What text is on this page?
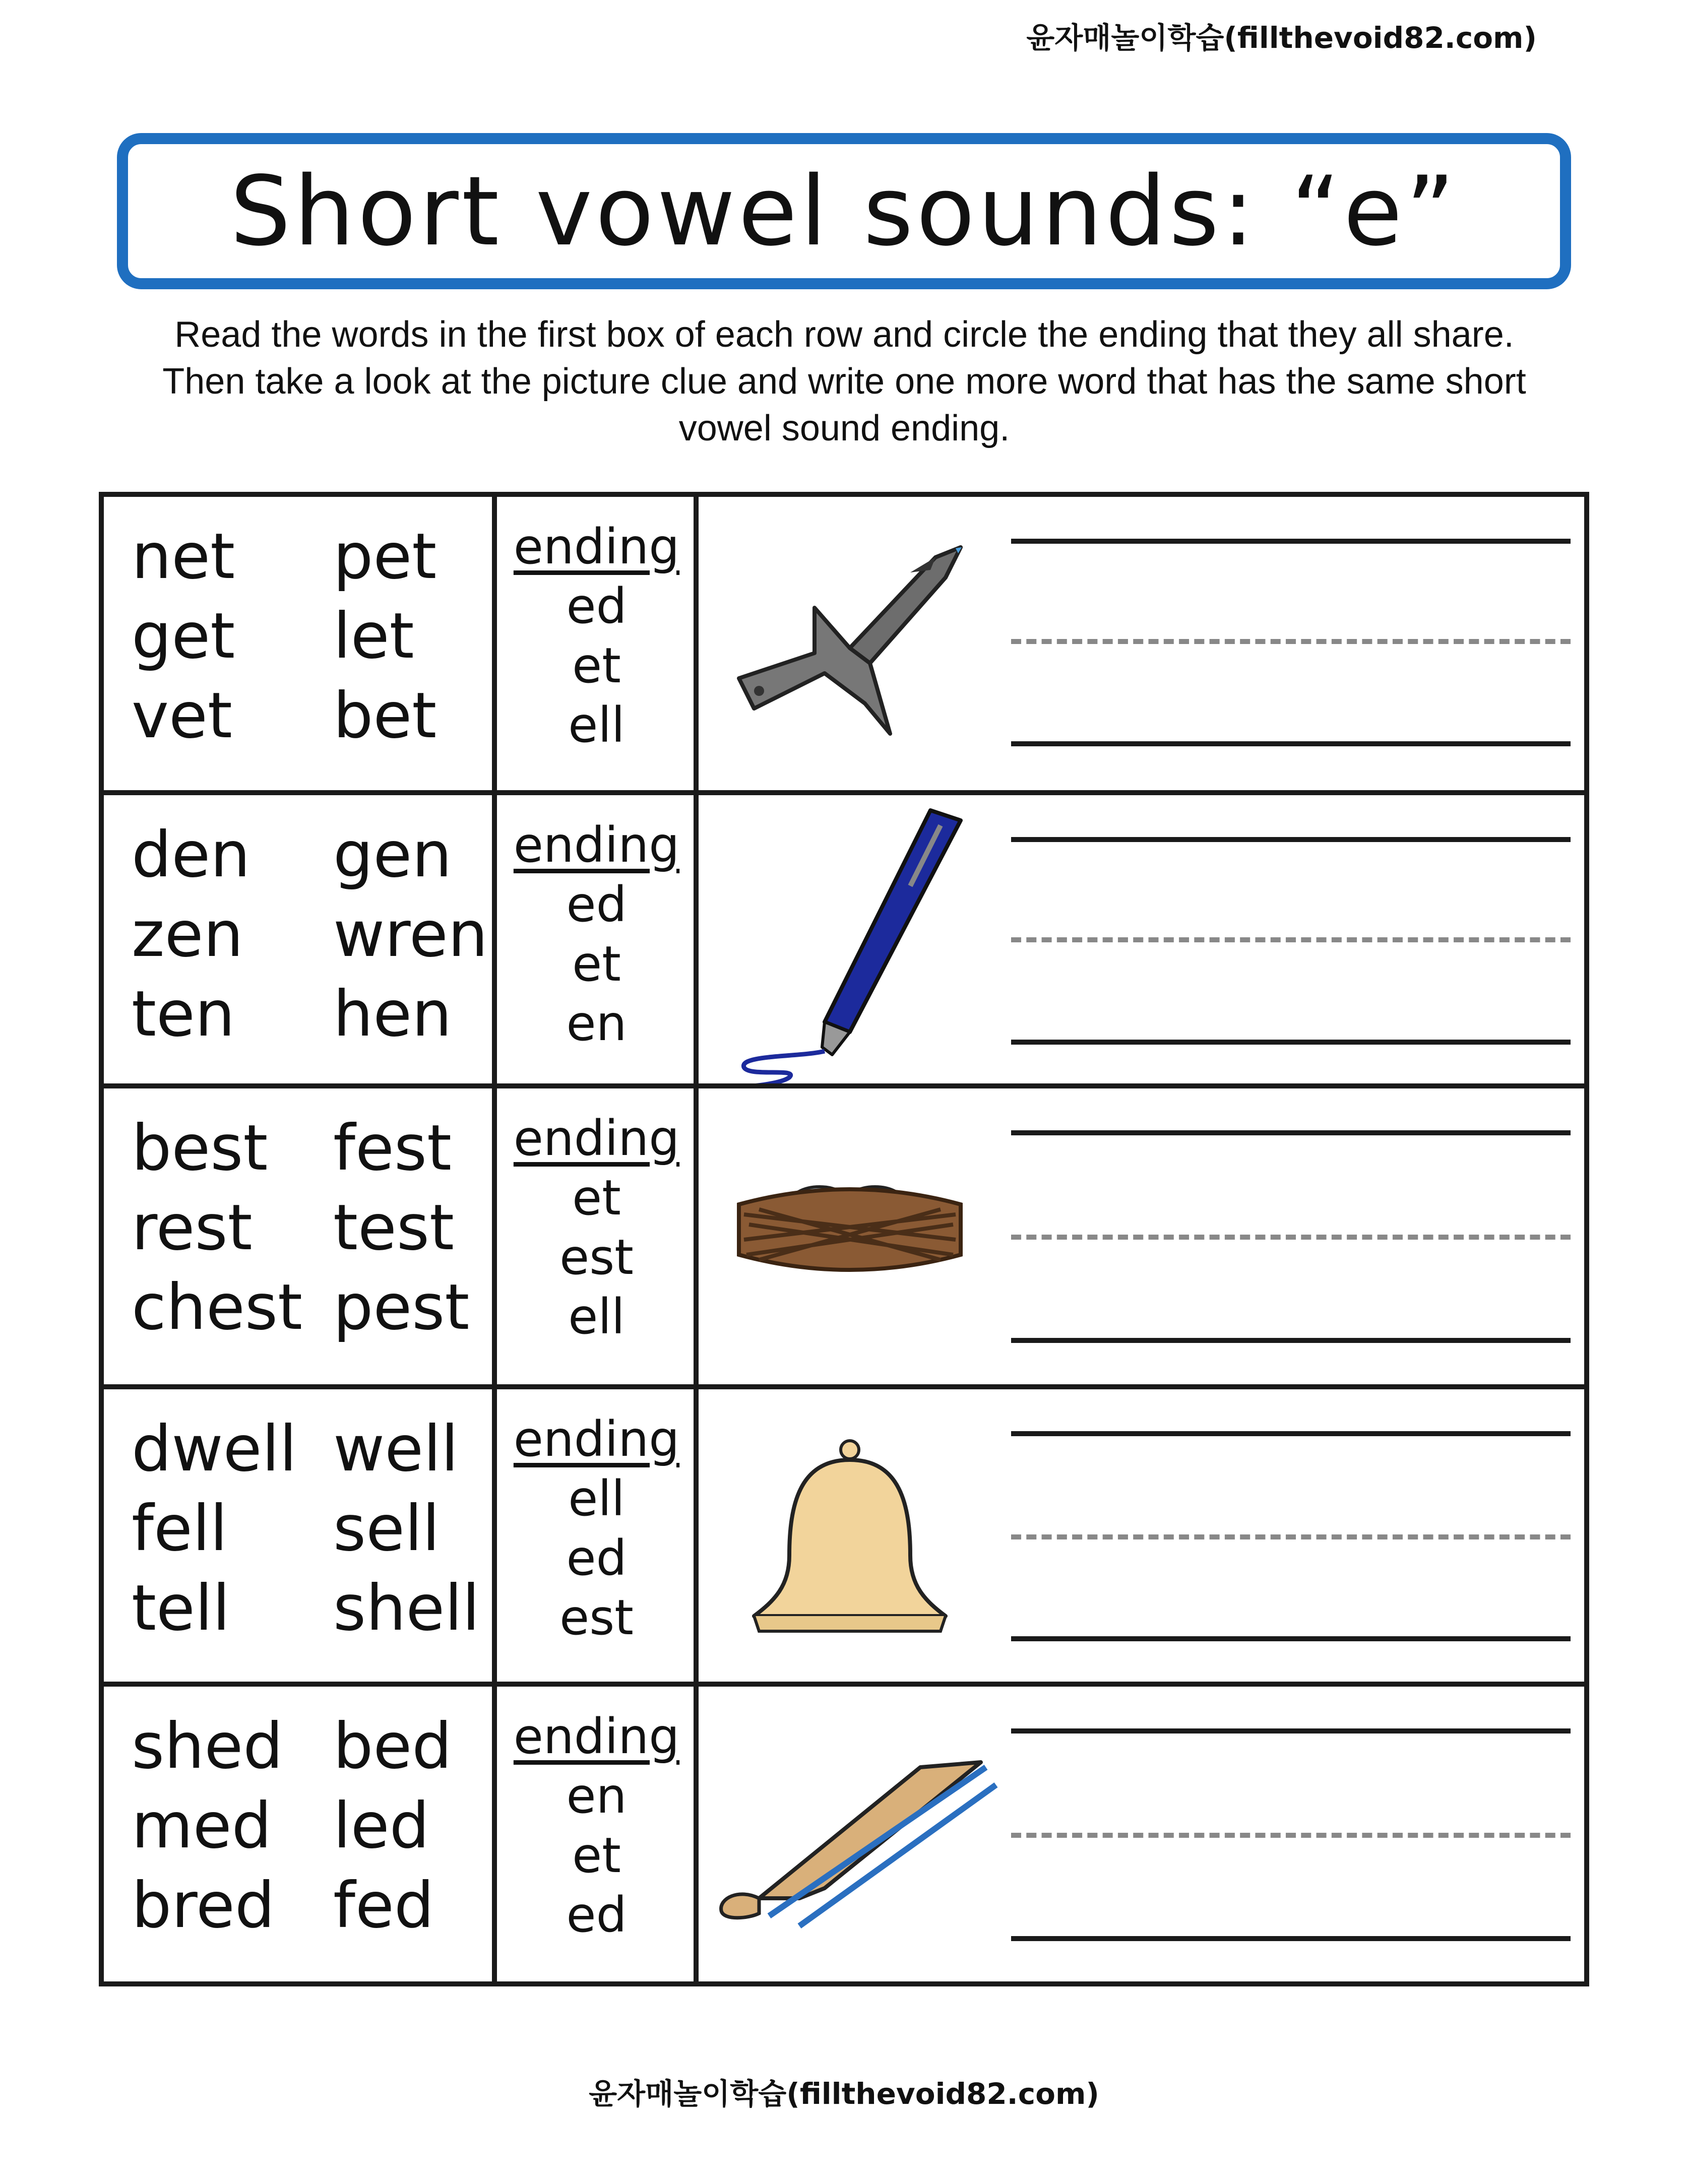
윤자매놀이학습(fillthevoid82.com)
Short vowel sounds: “e”
Read the words in the first box of each row and circle the ending that they all share.
Then take a look at the picture clue and write one more word that has the same short
vowel sound ending.
net
get
vet
pet
let
bet
ending
ed
et
ell
den
zen
ten
gen
wren
hen
ending
ed
et
en
best
rest
chest
fest
test
pest
ending
et
est
ell
dwell
fell
tell
well
sell
shell
ending
ell
ed
est
shed
med
bred
bed
led
fed
ending
en
et
ed
윤자매놀이학습(fillthevoid82.com)
